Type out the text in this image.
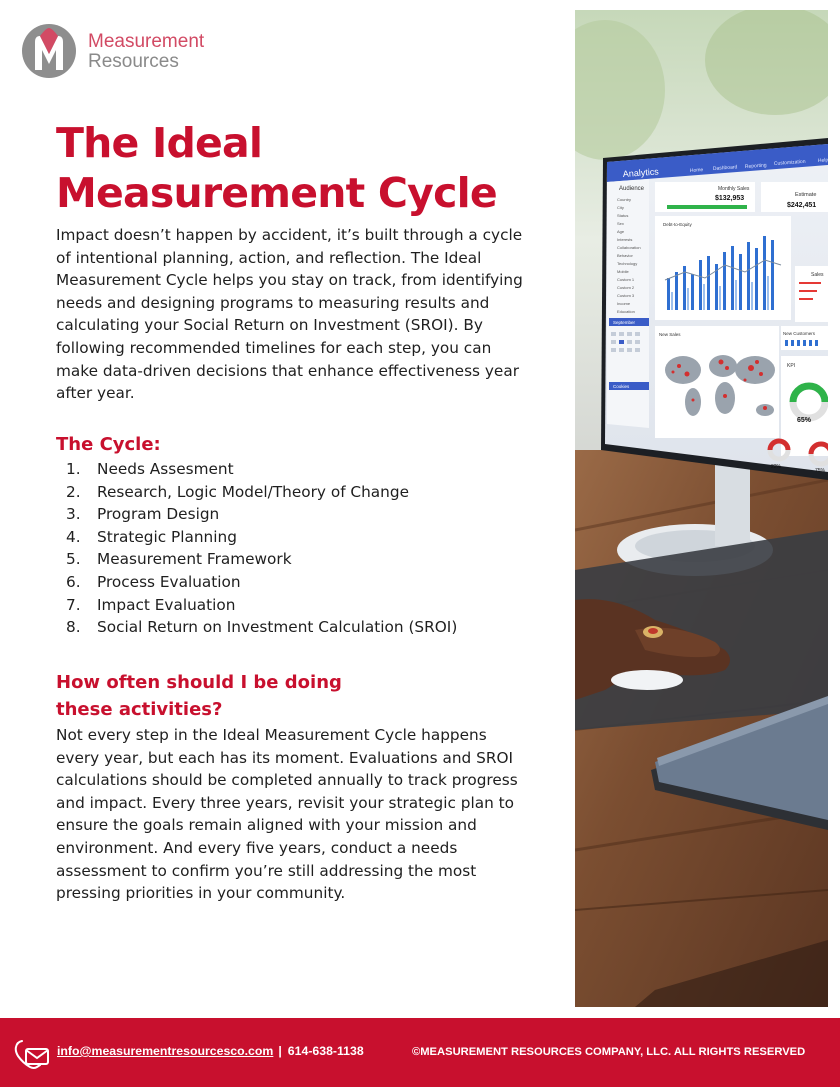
Measurement
Resources
The Ideal Measurement Cycle

Impact doesn’t happen by accident, it’s built through a cycle of intentional planning, action, and reflection. The Ideal Measurement Cycle helps you stay on track, from identifying needs and designing programs to measuring results and calculating your Social Return on Investment (SROI). By following recommended timelines for each step, you can make data-driven decisions that enhance effectiveness year after year.

The Cycle:
1. Needs Assesment
2. Research, Logic Model/Theory of Change
3. Program Design
4. Strategic Planning
5. Measurement Framework
6. Process Evaluation
7. Impact Evaluation
8. Social Return on Investment Calculation (SROI)
How often should I be doing these activities?

Not every step in the Ideal Measurement Cycle happens every year, but each has its moment. Evaluations and SROI calculations should be completed annually to track progress and impact. Every three years, revisit your strategic plan to ensure the goals remain aligned with your mission and environment. And every five years, conduct a needs assessment to confirm you’re still addressing the most pressing priorities in your community.

Analytics	Home Dashboard Reporting Customization Help
Audience
Country
City
Status
Sex
Age
Interests
Collaboration
Behavior
Technology
Mobile
Custom 1
Custom 2
Custom 3
Income
Education
September
Cookies
Monthly Sales
$132,953	Estimate
$242,451
Debt-to-Equity
Sales
New Sales	New Customers
KPI
65%
22%
75%
info@measurementresourcesco.com | 614-638-1138	©MEASUREMENT RESOURCES COMPANY, LLC. ALL RIGHTS RESERVED
